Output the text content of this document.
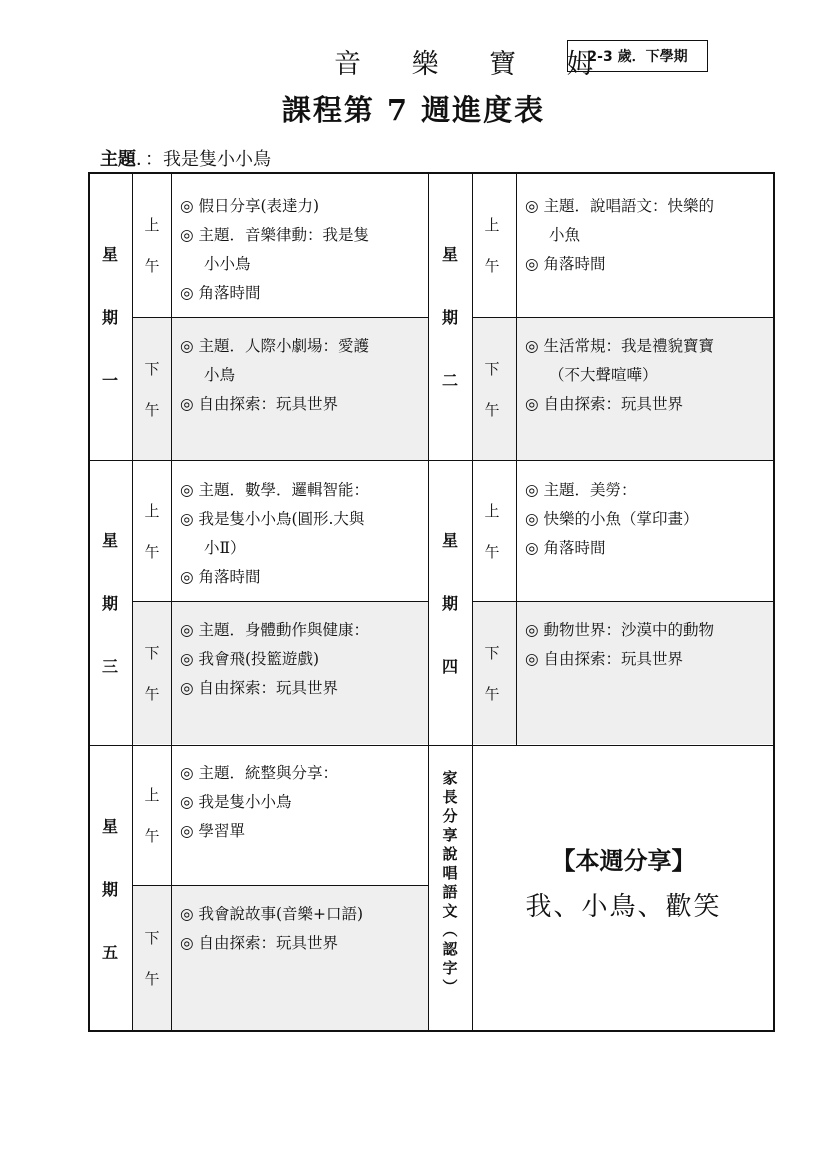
音 樂 寶 姆
2-3 歲．下學期
課程第 7 週進度表
主題．：我是隻小小鳥
星
期
一
星
期
二
星
期
三
星
期
四
星
期
五
上
午
下
午
上
午
下
午
上
午
下
午
上
午
下
午
上
午
下
午
◎ 假日分享(表達力)
◎ 主題．音樂律動：我是隻
小小鳥
◎ 角落時間
◎ 主題．人際小劇場：愛護
小鳥
◎ 自由探索：玩具世界
◎ 主題．說唱語文：快樂的
小魚
◎ 角落時間
◎ 生活常規：我是禮貌寶寶
（不大聲喧嘩）
◎ 自由探索：玩具世界
◎ 主題．數學．邏輯智能：
◎ 我是隻小小鳥(圓形.大與
小Ⅱ）
◎ 角落時間
◎ 主題．身體動作與健康：
◎ 我會飛(投籃遊戲)
◎ 自由探索：玩具世界
◎ 主題．美勞：
◎ 快樂的小魚（掌印畫）
◎ 角落時間
◎ 動物世界：沙漠中的動物
◎ 自由探索：玩具世界
◎ 主題．統整與分享：
◎ 我是隻小小鳥
◎ 學習單
◎ 我會說故事(音樂+口語)
◎ 自由探索：玩具世界
家
長
分
享
說
唱
語
文
︵
認
字
︶
【本週分享】
我、小鳥、歡笑
